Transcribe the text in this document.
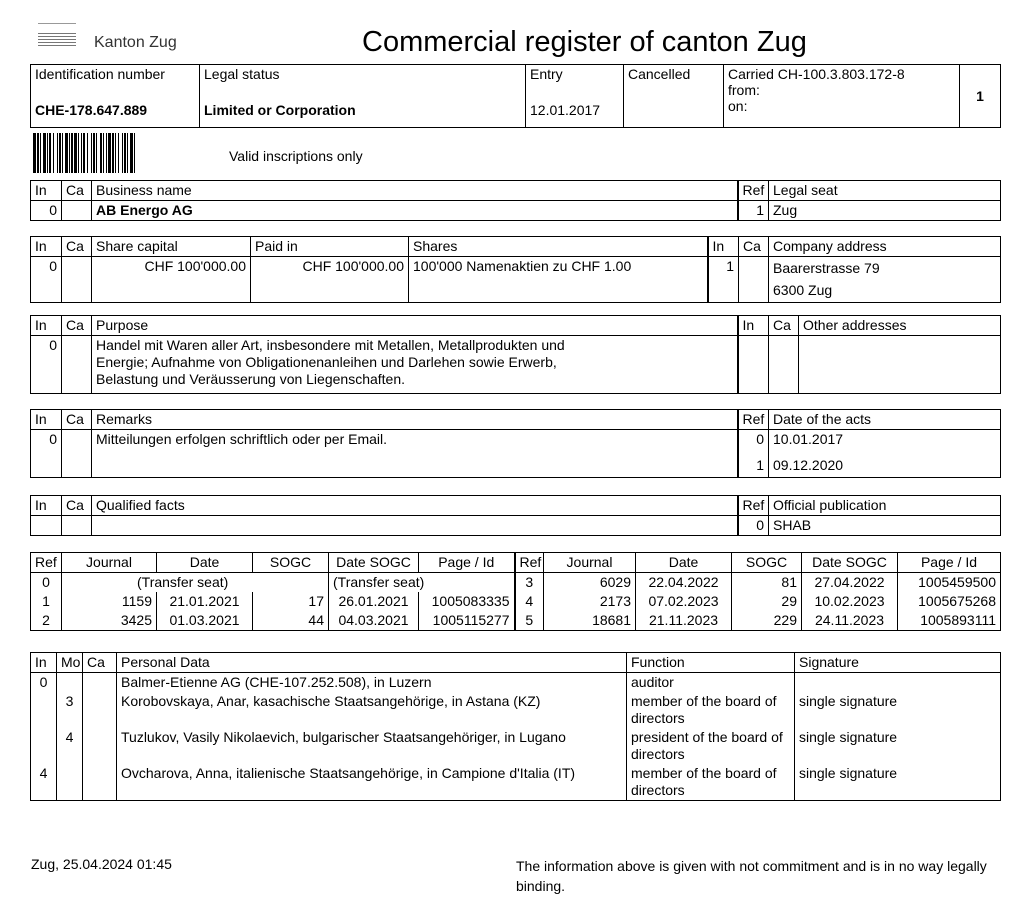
Kanton Zug	Commercial register of canton Zug
Identification number
CHE-178.647.889

Legal status
Limited or Corporation

Entry
12.01.2017

Cancelled	Carried CH-100.3.803.172-8
from:
on:
	1
Valid inscriptions only
In	Ca	Business name	Ref	Legal seat
0		AB Energo AG	1	Zug
In	Ca	Share capital	Paid in	Shares	In	Ca	Company address
0		CHF 100'000.00	CHF 100'000.00	100'000 Namenaktien zu CHF 1.00	1		Baarerstrasse 79
6300 Zug
In	Ca	Purpose	In	Ca	Other addresses
0		Handel mit Waren aller Art, insbesondere mit Metallen, Metallprodukten und
Energie; Aufnahme von Obligationenanleihen und Darlehen sowie Erwerb,
Belastung und Veräusserung von Liegenschaften.			
In	Ca	Remarks	Ref	Date of the acts
0		Mitteilungen erfolgen schriftlich oder per Email.	0	10.01.2017
			1	09.12.2020
In	Ca	Qualified facts	Ref	Official publication
			0	SHAB
Ref	Journal	Date	SOGC	Date SOGC	Page / Id	Ref	Journal	Date	SOGC	Date SOGC	Page / Id
0	(Transfer seat)			(Transfer seat)		3	6029	22.04.2022	81	27.04.2022	1005459500
1	1159	21.01.2021	17	26.01.2021	1005083335	4	2173	07.02.2023	29	10.02.2023	1005675268
2	3425	01.03.2021	44	04.03.2021	1005115277	5	18681	21.11.2023	229	24.11.2023	1005893111
In	Mo	Ca	Personal Data	Function	Signature
0			Balmer-Etienne AG (CHE-107.252.508), in Luzern	auditor	
	3		Korobovskaya, Anar, kasachische Staatsangehörige, in Astana (KZ)	member of the board of directors	single signature
	4		Tuzlukov, Vasily Nikolaevich, bulgarischer Staatsangehöriger, in Lugano	president of the board of directors	single signature
4			Ovcharova, Anna, italienische Staatsangehörige, in Campione d'Italia (IT)	member of the board of directors	single signature
Zug, 25.04.2024 01:45	The information above is given with not commitment and is in no way legally binding.
